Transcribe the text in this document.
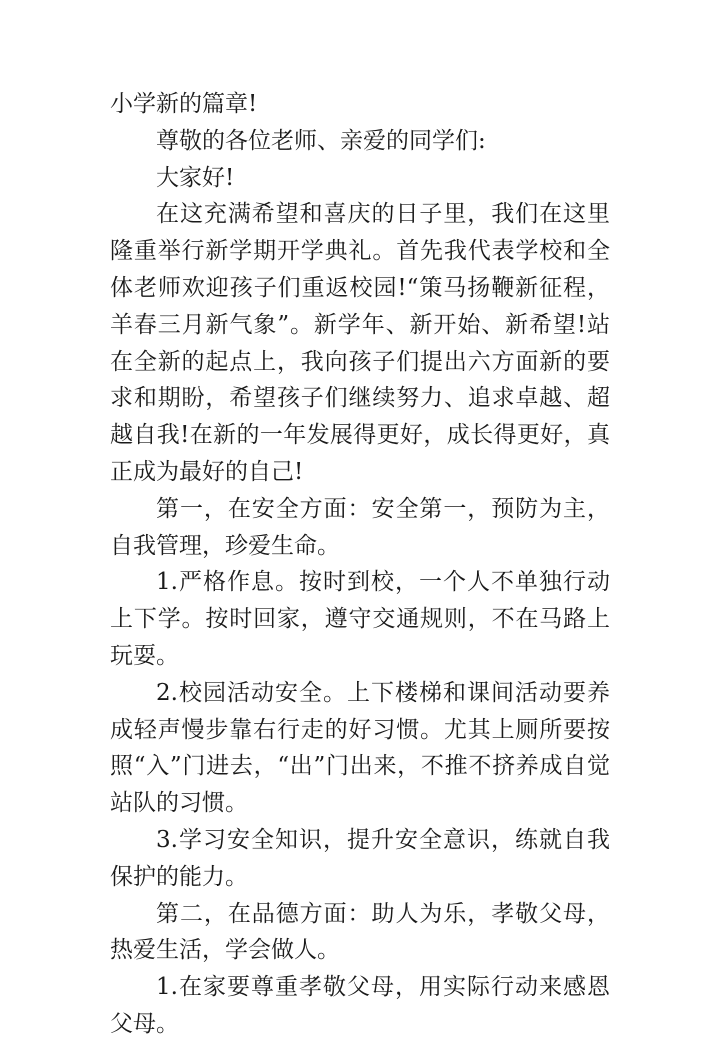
小学新的篇章!

尊敬的各位老师、亲爱的同学们:

大家好!

在这充满希望和喜庆的日子里，我们在这里隆重举行新学期开学典礼。首先我代表学校和全体老师欢迎孩子们重返校园!“策马扬鞭新征程，羊春三月新气象”。新学年、新开始、新希望!站在全新的起点上，我向孩子们提出六方面新的要求和期盼，希望孩子们继续努力、追求卓越、超越自我!在新的一年发展得更好，成长得更好，真正成为最好的自己!

第一，在安全方面：安全第一，预防为主，自我管理，珍爱生命。

1.严格作息。按时到校，一个人不单独行动上下学。按时回家，遵守交通规则，不在马路上玩耍。

2.校园活动安全。上下楼梯和课间活动要养成轻声慢步靠右行走的好习惯。尤其上厕所要按照“入”门进去，“出”门出来，不推不挤养成自觉站队的习惯。

3.学习安全知识，提升安全意识，练就自我保护的能力。

第二，在品德方面：助人为乐，孝敬父母，热爱生活，学会做人。

1.在家要尊重孝敬父母，用实际行动来感恩父母。
